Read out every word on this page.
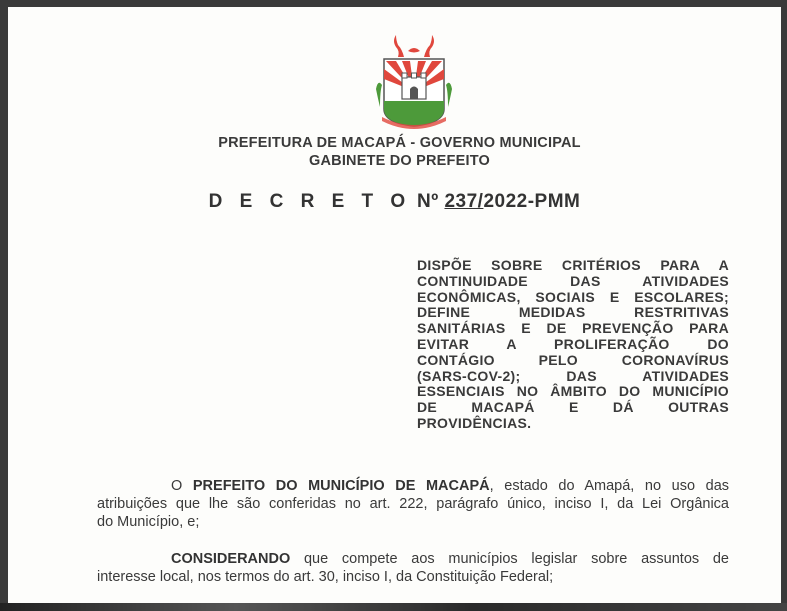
PREFEITURA DE MACAPÁ - GOVERNO MUNICIPAL
GABINETE DO PREFEITO
D E C R E T O Nº 237/2022-PMM
DISPÕE SOBRE CRITÉRIOS PARA A
CONTINUIDADE DAS ATIVIDADES
ECONÔMICAS, SOCIAIS E ESCOLARES;
DEFINE MEDIDAS RESTRITIVAS
SANITÁRIAS E DE PREVENÇÃO PARA
EVITAR A PROLIFERAÇÃO DO
CONTÁGIO PELO CORONAVÍRUS
(SARS-COV-2); DAS ATIVIDADES
ESSENCIAIS NO ÂMBITO DO MUNICÍPIO
DE MACAPÁ E DÁ OUTRAS
PROVIDÊNCIAS.
O PREFEITO DO MUNICÍPIO DE MACAPÁ, estado do Amapá, no uso das
atribuições que lhe são conferidas no art. 222, parágrafo único, inciso I, da Lei Orgânica
do Município, e;
CONSIDERANDO que compete aos municípios legislar sobre assuntos de
interesse local, nos termos do art. 30, inciso I, da Constituição Federal;
